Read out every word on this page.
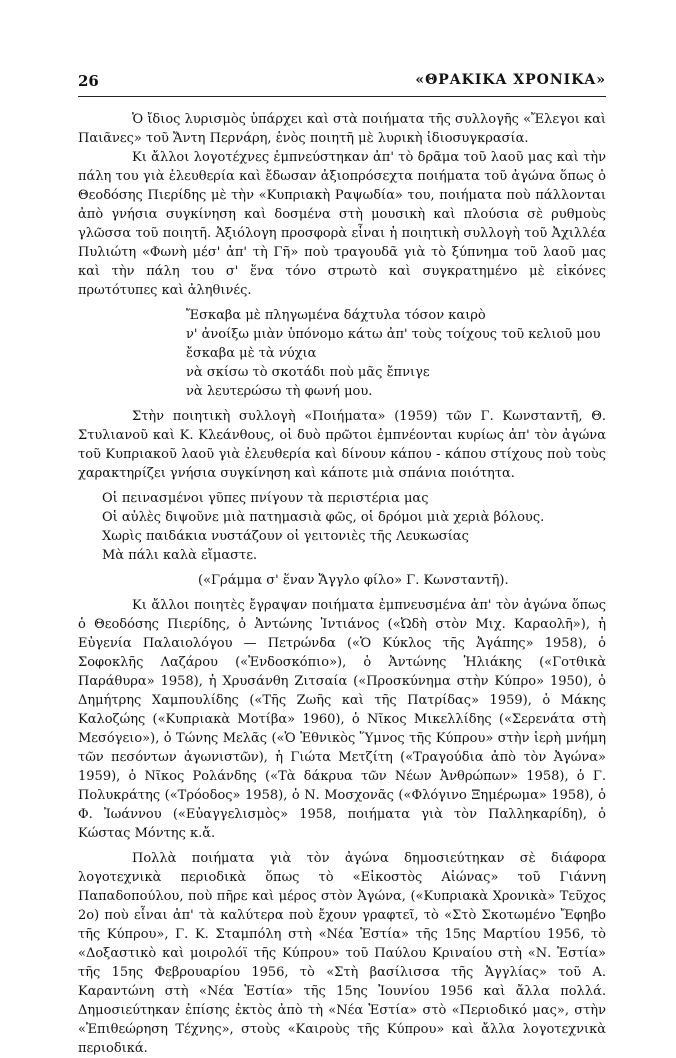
26	«ΘΡΑΚΙΚΑ ΧΡΟΝΙΚΑ»

Ὁ ἴδιος λυρισμὸς ὑπάρχει καὶ στὰ ποιήματα τῆς συλλογῆς «Ἔλεγοι καὶ Παιᾶνες» τοῦ Ἄντη Περνάρη, ἑνὸς ποιητῆ μὲ λυρικὴ ἰδιοσυγκρασία.

Κι ἄλλοι λογοτέχνες ἐμπνεύστηκαν ἀπ' τὸ δρᾶμα τοῦ λαοῦ μας καὶ τὴν πάλη του γιὰ ἐλευθερία καὶ ἔδωσαν ἀξιοπρόσεχτα ποιήματα τοῦ ἀγώνα ὅπως ὁ Θεοδόσης Πιερίδης μὲ τὴν «Κυπριακὴ Ραψωδία» του, ποιήματα ποὺ πάλλονται ἀπὸ γνήσια συγκίνηση καὶ δοσμένα στὴ μουσικὴ καὶ πλούσια σὲ ρυθμοὺς γλῶσσα τοῦ ποιητῆ. Ἀξιόλογη προσφορὰ εἶναι ἡ ποιητικὴ συλλογὴ τοῦ Ἀχιλλέα Πυλιώτη «Φωνὴ μέσ' ἀπ' τὴ Γῆ» ποὺ τραγουδᾶ γιὰ τὸ ξύπνημα τοῦ λαοῦ μας καὶ τὴν πάλη του σ' ἕνα τόνο στρωτὸ καὶ συγκρατημένο μὲ εἰκόνες πρωτότυπες καὶ ἀληθινές.

Ἔσκαβα μὲ πληγωμένα δάχτυλα τόσον καιρὸ
ν' ἀνοίξω μιὰν ὑπόνομο κάτω ἀπ' τοὺς τοίχους τοῦ κελιοῦ μου
ἔσκαβα μὲ τὰ νύχια
νὰ σκίσω τὸ σκοτάδι ποὺ μᾶς ἔπνιγε
νὰ λευτερώσω τὴ φωνή μου.

Στὴν ποιητικὴ συλλογὴ «Ποιήματα» (1959) τῶν Γ. Κωνσταντῆ, Θ. Στυλιανοῦ καὶ Κ. Κλεάνθους, οἱ δυὸ πρῶτοι ἐμπνέονται κυρίως ἀπ' τὸν ἀγώνα τοῦ Κυπριακοῦ λαοῦ γιὰ ἐλευθερία καὶ δίνουν κάπου - κάπου στίχους ποὺ τοὺς χαρακτηρίζει γνήσια συγκίνηση καὶ κάποτε μιὰ σπάνια ποιότητα.

Οἱ πεινασμένοι γῦπες πνίγουν τὰ περιστέρια μας
Οἱ αὐλὲς διψοῦνε μιὰ πατημασιὰ φῶς, οἱ δρόμοι μιὰ χεριὰ βόλους.
Χωρὶς παιδάκια νυστάζουν οἱ γειτονιὲς τῆς Λευκωσίας
Μὰ πάλι καλὰ εἴμαστε.
(«Γράμμα σ' ἕναν Ἄγγλο φίλο» Γ. Κωνσταντῆ).

Κι ἄλλοι ποιητὲς ἔγραψαν ποιήματα ἐμπνευσμένα ἀπ' τὸν ἀγώνα ὅπως ὁ Θεοδόσης Πιερίδης, ὁ Ἀντώνης Ἰντιάνος («Ὠδὴ στὸν Μιχ. Καραολῆ»), ἡ Εὐγενία Παλαιολόγου — Πετρώνδα («Ὁ Κύκλος τῆς Ἀγάπης» 1958), ὁ Σοφοκλῆς Λαζάρου («Ἐνδοσκόπιο»), ὁ Ἀντώνης Ἠλιάκης («Γοτθικὰ Παράθυρα» 1958), ἡ Χρυσάνθη Ζιτσαία («Προσκύνημα στὴν Κύπρο» 1950), ὁ Δημήτρης Χαμπουλίδης («Τῆς Ζωῆς καὶ τῆς Πατρίδας» 1959), ὁ Μάκης Καλοζώης («Κυπριακὰ Μοτίβα» 1960), ὁ Νῖκος Μικελλίδης («Σερενάτα στὴ Μεσόγειο»), ὁ Τώνης Μελᾶς («Ὁ Ἐθνικὸς Ὕμνος τῆς Κύπρου» στὴν ἱερὴ μνήμη τῶν πεσόντων ἀγωνιστῶν), ἡ Γιώτα Μετζίτη («Τραγούδια ἀπὸ τὸν Ἀγώνα» 1959), ὁ Νῖκος Ρολάνδης («Τὰ δάκρυα τῶν Νέων Ἀνθρώπων» 1958), ὁ Γ. Πολυκράτης («Τρόοδος» 1958), ὁ Ν. Μοσχονᾶς («Φλόγινο Ξημέρωμα» 1958), ὁ Φ. Ἰωάννου («Εὐαγγελισμὸς» 1958, ποιήματα γιὰ τὸν Παλληκαρίδη), ὁ Κώστας Μόντης κ.ἄ.

Πολλὰ ποιήματα γιὰ τὸν ἀγώνα δημοσιεύτηκαν σὲ διάφορα λογοτεχνικὰ περιοδικὰ ὅπως τὸ «Εἰκοστὸς Αἰώνας» τοῦ Γιάννη Παπαδοπούλου, ποὺ πῆρε καὶ μέρος στὸν Ἀγώνα, («Κυπριακὰ Χρονικὰ» Τεῦχος 2ο) ποὺ εἶναι ἀπ' τὰ καλύτερα ποὺ ἔχουν γραφτεῖ, τὸ «Στὸ Σκοτωμένο Ἔφηβο τῆς Κύπρου», Γ. Κ. Σταμπόλη στὴ «Νέα Ἑστία» τῆς 15ης Μαρτίου 1956, τὸ «Δοξαστικὸ καὶ μοιρολόϊ τῆς Κύπρου» τοῦ Παύλου Κριναίου στὴ «Ν. Ἑστία» τῆς 15ης Φεβρουαρίου 1956, τὸ «Στὴ βασίλισσα τῆς Ἀγγλίας» τοῦ Α. Καραντώνη στὴ «Νέα Ἑστία» τῆς 15ης Ἰουνίου 1956 καὶ ἄλλα πολλά. Δημοσιεύτηκαν ἐπίσης ἐκτὸς ἀπὸ τὴ «Νέα Ἑστία» στὸ «Περιοδικό μας», στὴν «Ἐπιθεώρηση Τέχνης», στοὺς «Καιροὺς τῆς Κύπρου» καὶ ἄλλα λογοτεχνικὰ περιοδικά.
